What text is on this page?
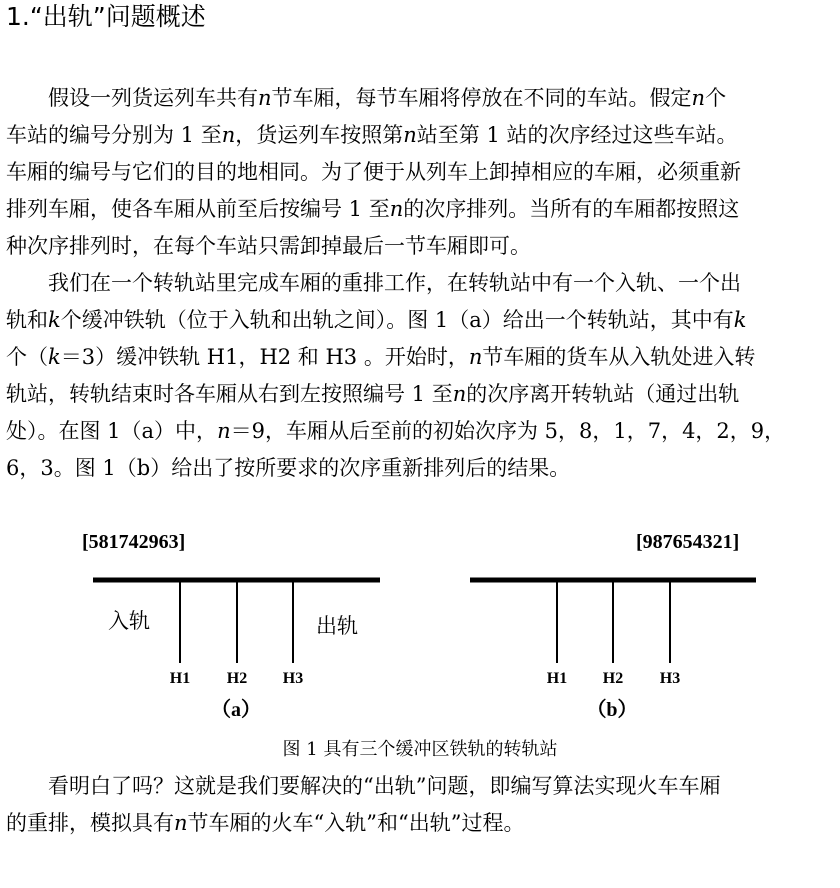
1.“出轨”问题概述
　　假设一列货运列车共有n节车厢，每节车厢将停放在不同的车站。假定n个
车站的编号分别为 1 至n，货运列车按照第n站至第 1 站的次序经过这些车站。
车厢的编号与它们的目的地相同。为了便于从列车上卸掉相应的车厢，必须重新
排列车厢，使各车厢从前至后按编号 1 至n的次序排列。当所有的车厢都按照这
种次序排列时，在每个车站只需卸掉最后一节车厢即可。
　　我们在一个转轨站里完成车厢的重排工作，在转轨站中有一个入轨、一个出
轨和k个缓冲铁轨（位于入轨和出轨之间）。图 1（a）给出一个转轨站，其中有k
个（k＝3）缓冲铁轨 H1，H2 和 H3 。开始时，n节车厢的货车从入轨处进入转
轨站，转轨结束时各车厢从右到左按照编号 1 至n的次序离开转轨站（通过出轨
处）。在图 1（a）中，n＝9，车厢从后至前的初始次序为 5，8，1，7，4，2，9，
6，3。图 1（b）给出了按所要求的次序重新排列后的结果。
[581742963]
入轨	出轨
H1 H2 H3
（a）
[987654321]
H1 H2 H3
（b）
图 1 具有三个缓冲区铁轨的转轨站
　　看明白了吗？这就是我们要解决的“出轨”问题，即编写算法实现火车车厢
的重排，模拟具有n节车厢的火车“入轨”和“出轨”过程。
